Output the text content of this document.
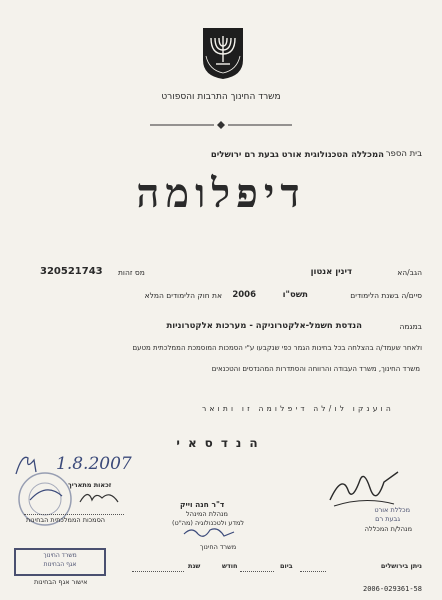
משרד החינוך התרבות והספורט
המכללה הטכנולוגית אורט גבעת רם ירושלים בית הספר
דיפלומה
320521743 מס זהות	דינין אנטון	הגב/הא
סיים/ה בשנת הלימודים
תשס"ו
2006
את חוק הלימודים המלא
במגמה
הנדסת חשמל-אלקטרוניקה - מערכות אלקטרוניות
ולאחר שעמד/ה בהצלחה בכל בחינות הגמר כפי שנקבעו ע"י הסמכות המוסמכת הממלכתית מטעם
משרד החינוך, משרד העבודה והרווחה והסתדרות המהנדסים והטכנאים
הוענקו לו/לה דיפלומה זו ותואר
הנדסאי
1.8.2007
זכאות מתאריך
הסמכות הממלכתית הבחינות
משרד החינוך
אגף הבחינות
אישור אגף הבחינות
ד"ר חנה וייק
מנהלת המינהל
למדע ולטכנולוגיה (מה"ט)
משרד החינוך
מכללת אורט
גבעת רם
מנהל/ת המכללה
ניתן בירושלים
ביום
חודש
שנת
2006-029361-58
